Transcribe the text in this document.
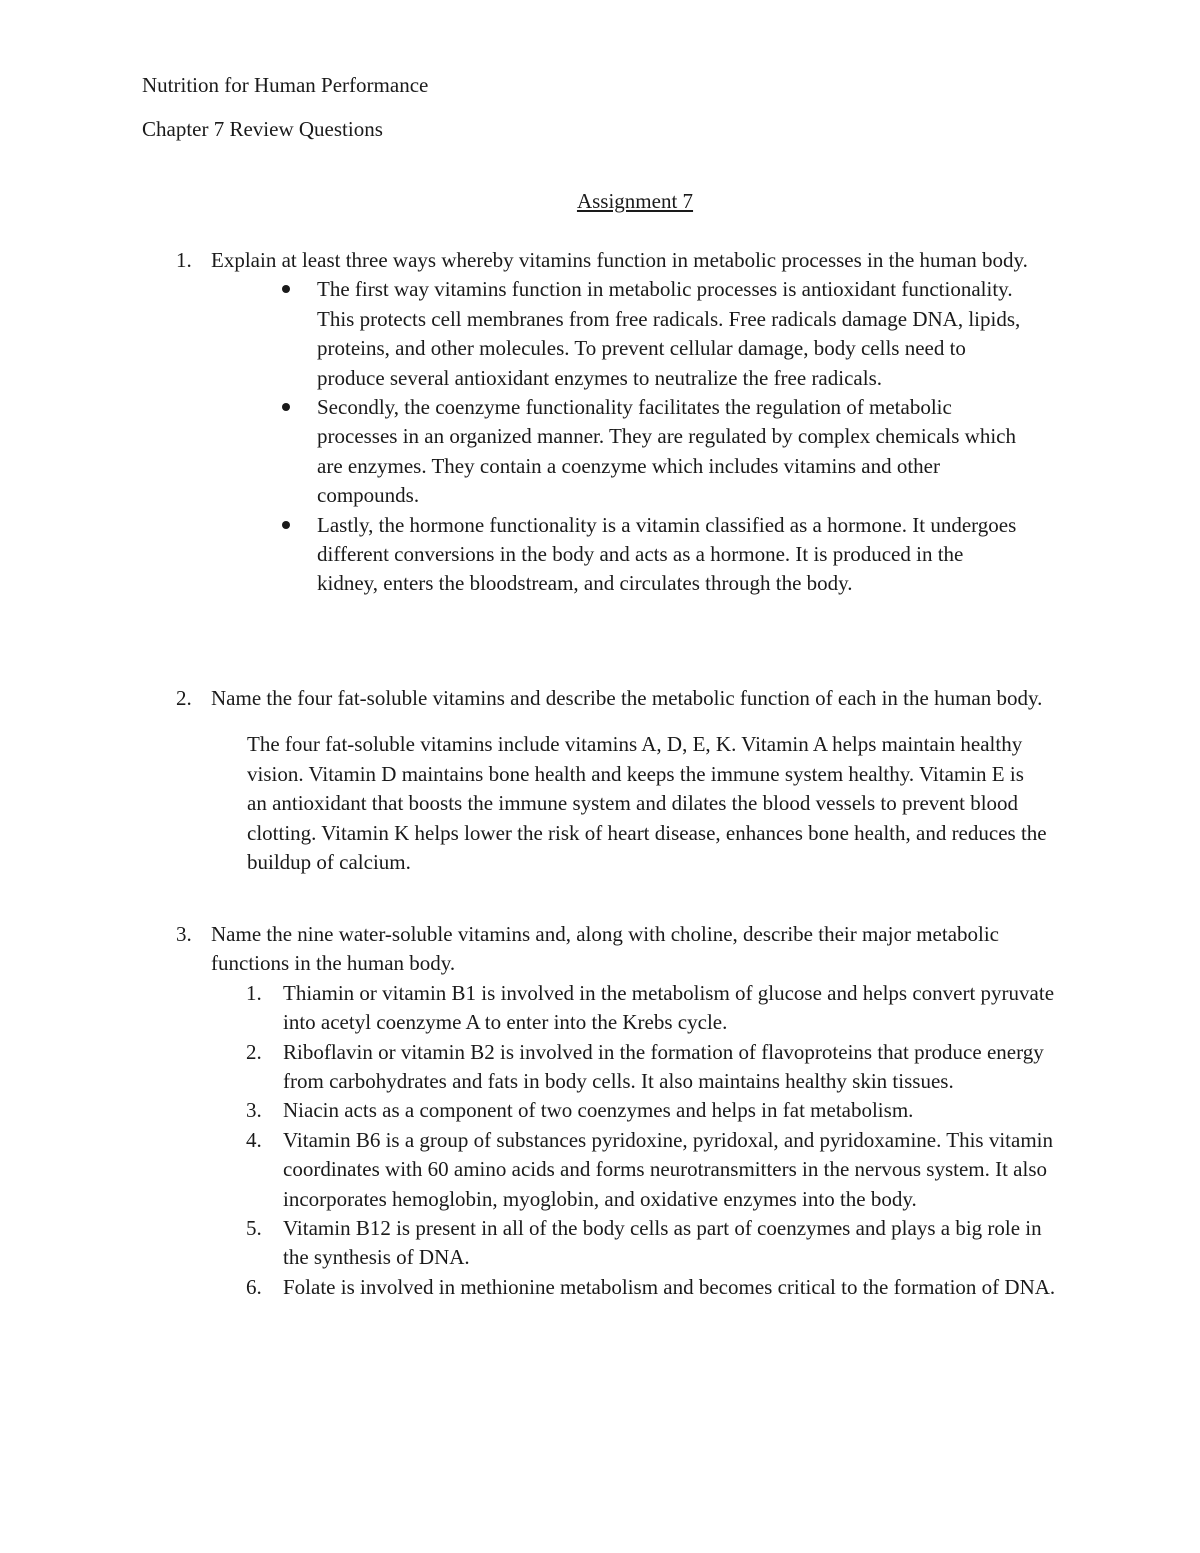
Nutrition for Human Performance

Chapter 7 Review Questions

Assignment 7
1. Explain at least three ways whereby vitamins function in metabolic processes in the human body.
The first way vitamins function in metabolic processes is antioxidant functionality. This protects cell membranes from free radicals. Free radicals damage DNA, lipids, proteins, and other molecules. To prevent cellular damage, body cells need to produce several antioxidant enzymes to neutralize the free radicals.
Secondly, the coenzyme functionality facilitates the regulation of metabolic processes in an organized manner. They are regulated by complex chemicals which are enzymes. They contain a coenzyme which includes vitamins and other compounds.
Lastly, the hormone functionality is a vitamin classified as a hormone. It undergoes different conversions in the body and acts as a hormone. It is produced in the kidney, enters the bloodstream, and circulates through the body.
2. Name the four fat-soluble vitamins and describe the metabolic function of each in the human body.
The four fat-soluble vitamins include vitamins A, D, E, K. Vitamin A helps maintain healthy vision. Vitamin D maintains bone health and keeps the immune system healthy. Vitamin E is an antioxidant that boosts the immune system and dilates the blood vessels to prevent blood clotting. Vitamin K helps lower the risk of heart disease, enhances bone health, and reduces the buildup of calcium.
3. Name the nine water-soluble vitamins and, along with choline, describe their major metabolic functions in the human body.
1. Thiamin or vitamin B1 is involved in the metabolism of glucose and helps convert pyruvate into acetyl coenzyme A to enter into the Krebs cycle.
2. Riboflavin or vitamin B2 is involved in the formation of flavoproteins that produce energy from carbohydrates and fats in body cells. It also maintains healthy skin tissues.
3. Niacin acts as a component of two coenzymes and helps in fat metabolism.
4. Vitamin B6 is a group of substances pyridoxine, pyridoxal, and pyridoxamine. This vitamin coordinates with 60 amino acids and forms neurotransmitters in the nervous system. It also incorporates hemoglobin, myoglobin, and oxidative enzymes into the body.
5. Vitamin B12 is present in all of the body cells as part of coenzymes and plays a big role in the synthesis of DNA.
6. Folate is involved in methionine metabolism and becomes critical to the formation of DNA.
